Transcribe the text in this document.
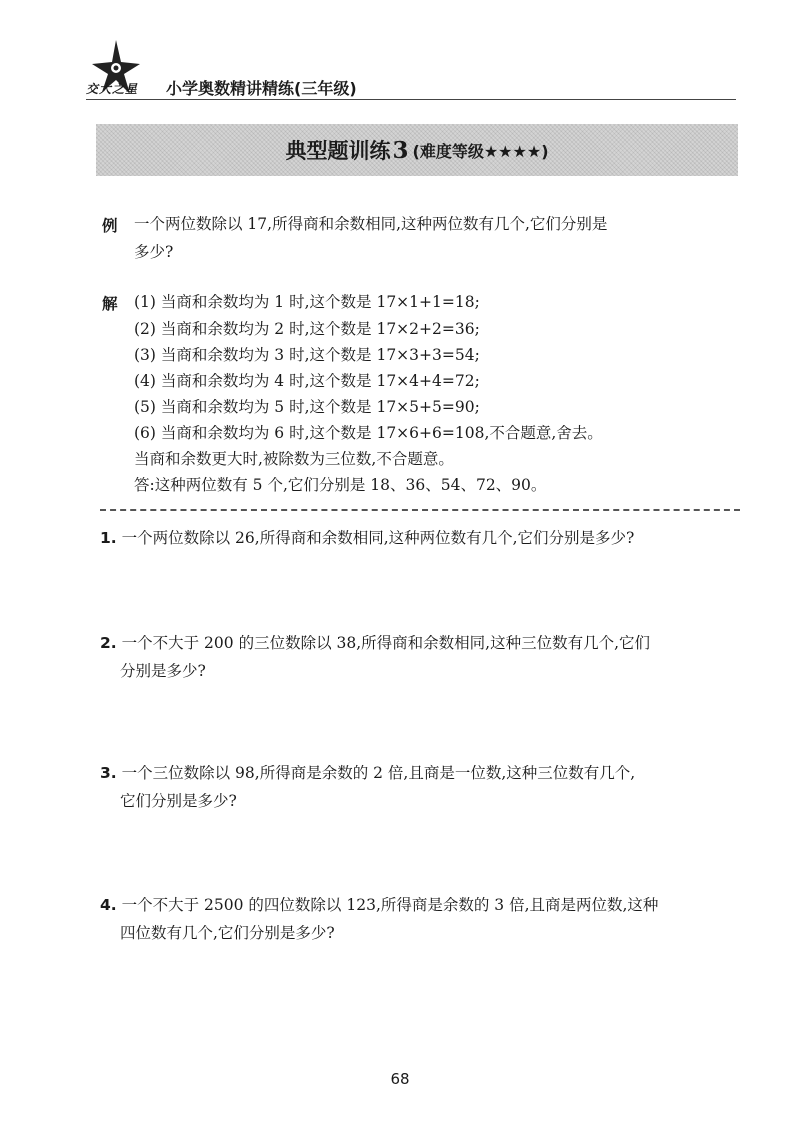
交大之星 小学奥数精讲精练(三年级)
典型题训练 3 (难度等级★★★★)
例 一个两位数除以 17,所得商和余数相同,这种两位数有几个,它们分别是
多少?
解 (1) 当商和余数均为 1 时,这个数是 17×1+1=18;
(2) 当商和余数均为 2 时,这个数是 17×2+2=36;
(3) 当商和余数均为 3 时,这个数是 17×3+3=54;
(4) 当商和余数均为 4 时,这个数是 17×4+4=72;
(5) 当商和余数均为 5 时,这个数是 17×5+5=90;
(6) 当商和余数均为 6 时,这个数是 17×6+6=108,不合题意,舍去。
当商和余数更大时,被除数为三位数,不合题意。
答:这种两位数有 5 个,它们分别是 18、36、54、72、90。
1. 一个两位数除以 26,所得商和余数相同,这种两位数有几个,它们分别是多少?
2. 一个不大于 200 的三位数除以 38,所得商和余数相同,这种三位数有几个,它们
分别是多少?
3. 一个三位数除以 98,所得商是余数的 2 倍,且商是一位数,这种三位数有几个,
它们分别是多少?
4. 一个不大于 2500 的四位数除以 123,所得商是余数的 3 倍,且商是两位数,这种
四位数有几个,它们分别是多少?
68
